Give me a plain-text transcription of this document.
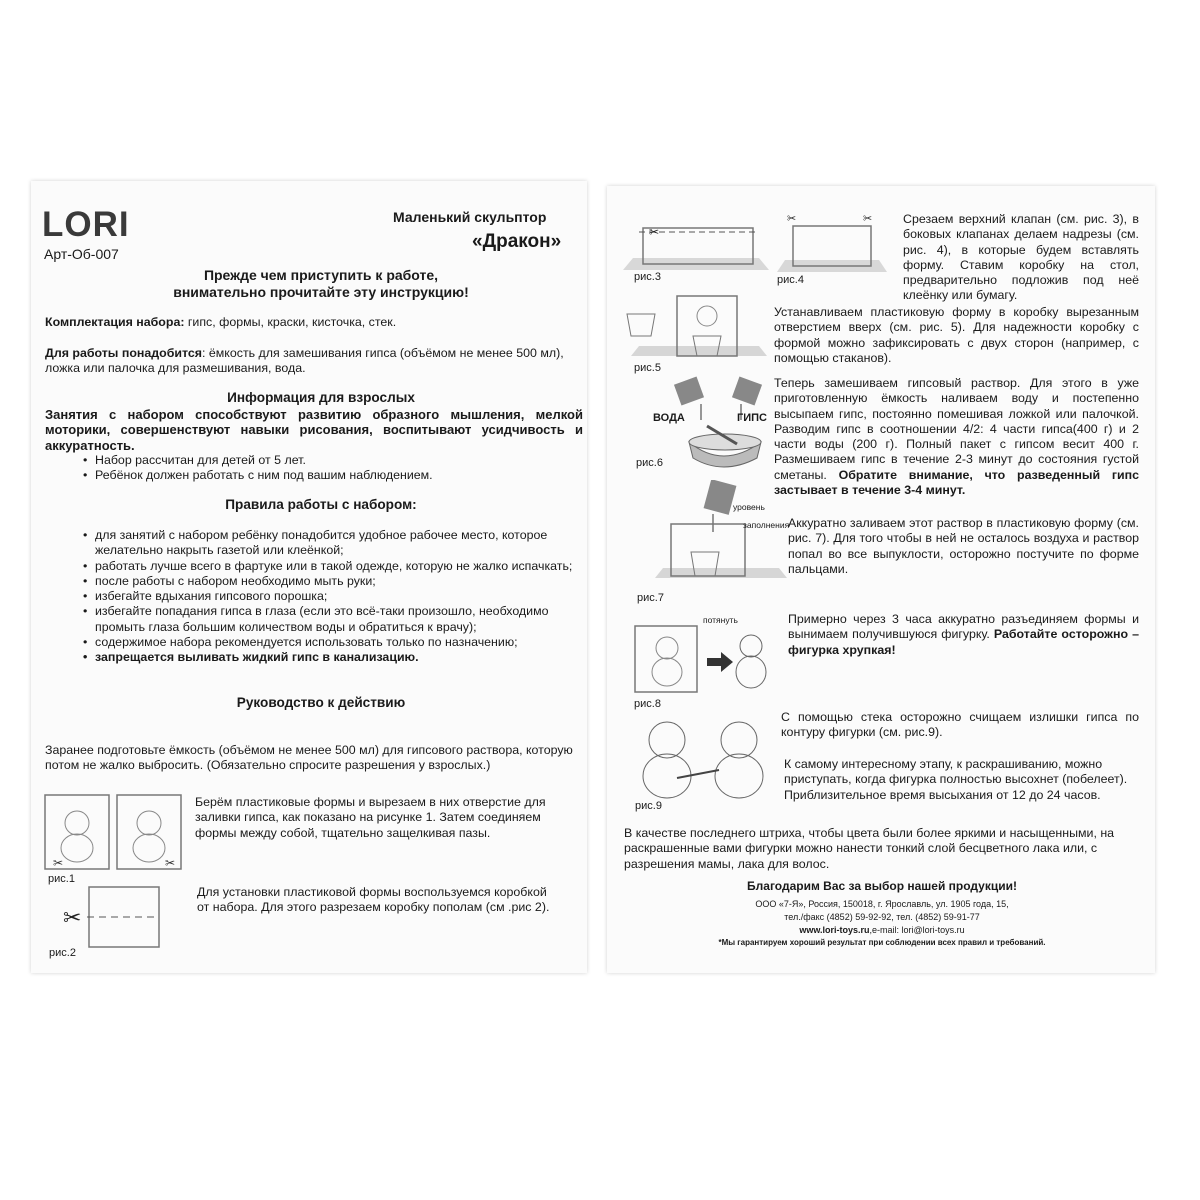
LORI
Арт-Об-007
Маленький скульптор
«Дракон»
Прежде чем приступить к работе,
внимательно прочитайте эту инструкцию!
Комплектация набора: гипс, формы, краски, кисточка, стек.
Для работы понадобится: ёмкость для замешивания гипса (объёмом не менее 500 мл), ложка или палочка для размешивания, вода.
Информация для взрослых
Занятия с набором способствуют развитию образного мышления, мелкой моторики, совершенствуют навыки рисования, воспитывают усидчивость и аккуратность.
• Набор рассчитан для детей от 5 лет.
• Ребёнок должен работать с ним под вашим наблюдением.
Правила работы с набором:
• для занятий с набором ребёнку понадобится удобное рабочее место, которое желательно накрыть газетой или клеёнкой;
• работать лучше всего в фартуке или в такой одежде, которую не жалко испачкать;
• после работы с набором необходимо мыть руки;
• избегайте вдыхания гипсового порошка;
• избегайте попадания гипса в глаза (если это всё-таки произошло, необходимо промыть глаза большим количеством воды и обратиться к врачу);
• содержимое набора рекомендуется использовать только по назначению;
• запрещается выливать жидкий гипс в канализацию.
Руководство к действию
Заранее подготовьте ёмкость (объёмом не менее 500 мл) для гипсового раствора, которую потом не жалко выбросить. (Обязательно спросите разрешения у взрослых.)
✂	✂
рис.1
Берём пластиковые формы и вырезаем в них отверстие для заливки гипса, как показано на рисунке 1. Затем соединяем формы между собой, тщательно защелкивая пазы.
✂
рис.2
Для установки пластиковой формы воспользуемся коробкой от набора. Для этого разрезаем коробку пополам (см .рис 2).
✂
рис.3
✂	✂
рис.4
Срезаем верхний клапан (см. рис. 3), в боковых клапанах делаем надрезы (см. рис. 4), в которые будем вставлять форму. Ставим коробку на стол, предварительно подложив под неё клеёнку или бумагу.
рис.5
Устанавливаем пластиковую форму в коробку вырезанным отверстием вверх (см. рис. 5). Для надежности коробку с формой можно зафиксировать с двух сторон (например, с помощью стаканов).
ВОДА	ГИПС
рис.6
Теперь замешиваем гипсовый раствор. Для этого в уже приготовленную ёмкость наливаем воду и постепенно высыпаем гипс, постоянно помешивая ложкой или палочкой. Разводим гипс в соотношении 4/2: 4 части гипса(400 г) и 2 части воды (200 г). Полный пакет с гипсом весит 400 г. Размешиваем гипс в течение 2-3 минут до состояния густой сметаны. Обратите внимание, что разведенный гипс застывает в течение 3-4 минут.
уровень
заполнения
рис.7
Аккуратно заливаем этот раствор в пластиковую форму (см. рис. 7). Для того чтобы в ней не осталось воздуха и раствор попал во все выпуклости, осторожно постучите по форме пальцами.
потянуть
рис.8
Примерно через 3 часа аккуратно разъединяем формы и вынимаем получившуюся фигурку. Работайте осторожно – фигурка хрупкая!
рис.9
С помощью стека осторожно счищаем излишки гипса по контуру фигурки (см. рис.9).
К самому интересному этапу, к раскрашиванию, можно приступать, когда фигурка полностью высохнет (побелеет). Приблизительное время высыхания от 12 до 24 часов.
В качестве последнего штриха, чтобы цвета были более яркими и насыщенными, на раскрашенные вами фигурки можно нанести тонкий слой бесцветного лака или, с разрешения мамы, лака для волос.
Благодарим Вас за выбор нашей продукции!
ООО «7-Я», Россия, 150018, г. Ярославль, ул. 1905 года, 15,
тел./факс (4852) 59-92-92, тел. (4852) 59-91-77
www.lori-toys.ru,e-mail: lori@lori-toys.ru
*Мы гарантируем хороший результат при соблюдении всех правил и требований.
